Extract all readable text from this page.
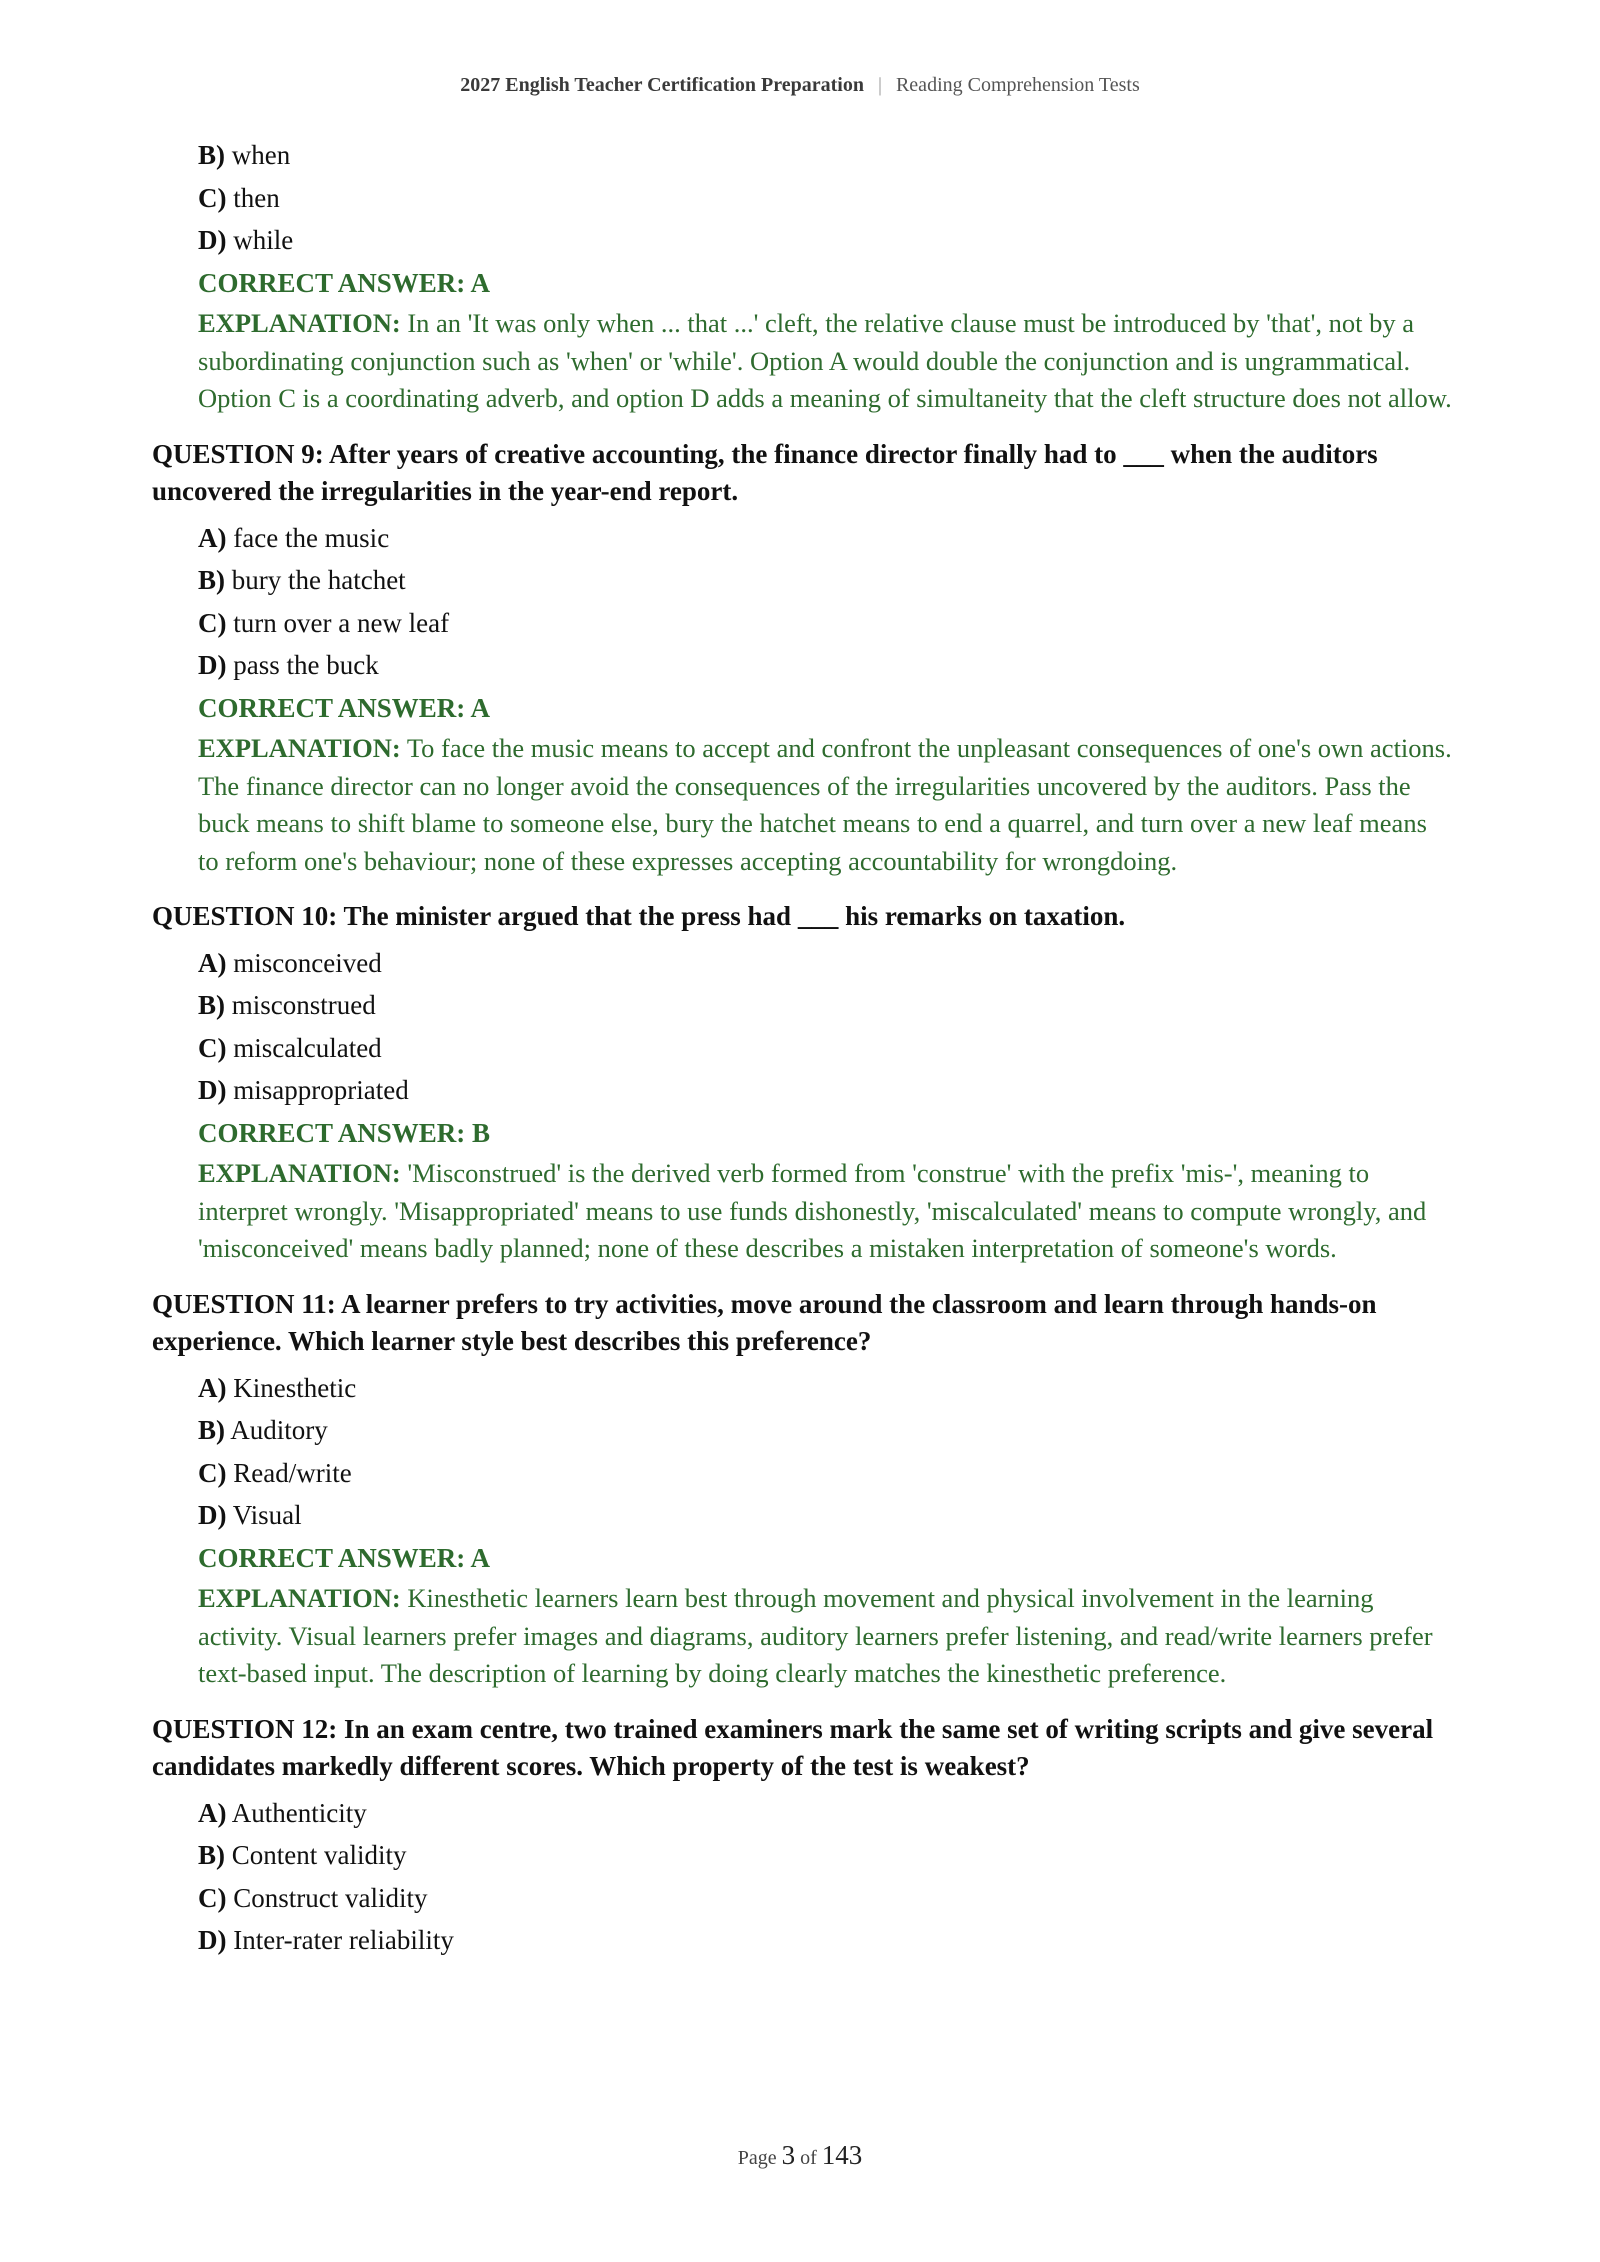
2027 English Teacher Certification Preparation | Reading Comprehension Tests
B) when
C) then
D) while
CORRECT ANSWER: A
EXPLANATION: In an 'It was only when ... that ...' cleft, the relative clause must be introduced by 'that', not by a subordinating conjunction such as 'when' or 'while'. Option A would double the conjunction and is ungrammatical. Option C is a coordinating adverb, and option D adds a meaning of simultaneity that the cleft structure does not allow.
QUESTION 9: After years of creative accounting, the finance director finally had to ___ when the auditors uncovered the irregularities in the year-end report.
A) face the music
B) bury the hatchet
C) turn over a new leaf
D) pass the buck
CORRECT ANSWER: A
EXPLANATION: To face the music means to accept and confront the unpleasant consequences of one's own actions. The finance director can no longer avoid the consequences of the irregularities uncovered by the auditors. Pass the buck means to shift blame to someone else, bury the hatchet means to end a quarrel, and turn over a new leaf means to reform one's behaviour; none of these expresses accepting accountability for wrongdoing.
QUESTION 10: The minister argued that the press had ___ his remarks on taxation.
A) misconceived
B) misconstrued
C) miscalculated
D) misappropriated
CORRECT ANSWER: B
EXPLANATION: 'Misconstrued' is the derived verb formed from 'construe' with the prefix 'mis-', meaning to interpret wrongly. 'Misappropriated' means to use funds dishonestly, 'miscalculated' means to compute wrongly, and 'misconceived' means badly planned; none of these describes a mistaken interpretation of someone's words.
QUESTION 11: A learner prefers to try activities, move around the classroom and learn through hands-on experience. Which learner style best describes this preference?
A) Kinesthetic
B) Auditory
C) Read/write
D) Visual
CORRECT ANSWER: A
EXPLANATION: Kinesthetic learners learn best through movement and physical involvement in the learning activity. Visual learners prefer images and diagrams, auditory learners prefer listening, and read/write learners prefer text-based input. The description of learning by doing clearly matches the kinesthetic preference.
QUESTION 12: In an exam centre, two trained examiners mark the same set of writing scripts and give several candidates markedly different scores. Which property of the test is weakest?
A) Authenticity
B) Content validity
C) Construct validity
D) Inter-rater reliability
Page 3 of 143
